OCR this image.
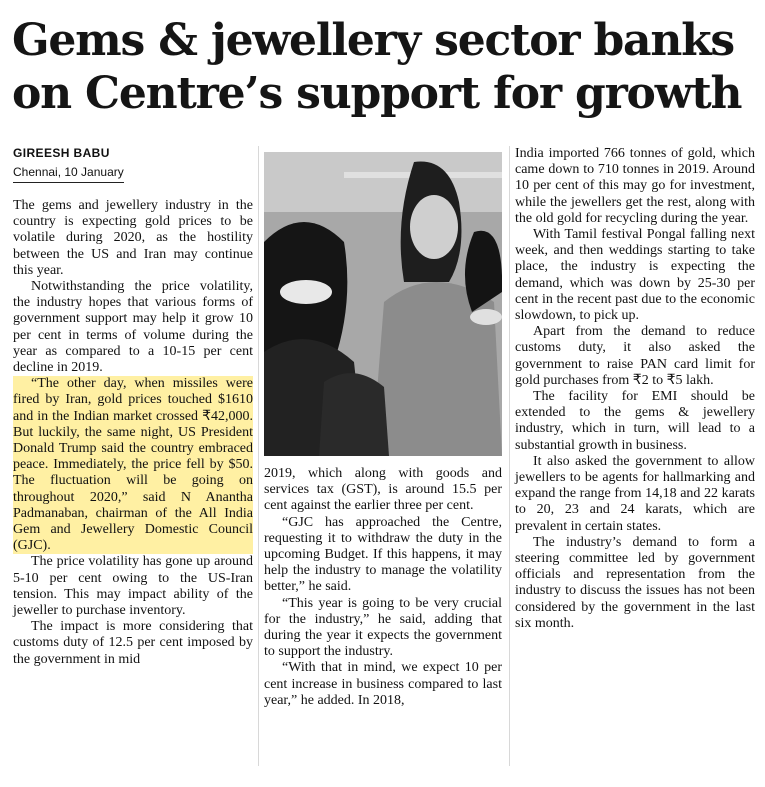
Gems & jewellery sector banks on Centre’s support for growth
GIREESH BABU
Chennai, 10 January

The gems and jewellery industry in the country is expecting gold prices to be volatile during 2020, as the hostility between the US and Iran may continue this year.

Notwithstanding the price volatility, the industry hopes that various forms of government support may help it grow 10 per cent in terms of volume during the year as compared to a 10-15 per cent decline in 2019.

“The other day, when missiles were fired by Iran, gold prices touched $1610 and in the Indian market crossed ₹42,000. But luckily, the same night, US President Donald Trump said the country embraced peace. Immediately, the price fell by $50. The fluctuation will be going on throughout 2020,” said N Anantha Padmanaban, chairman of the All India Gem and Jewellery Domestic Council (GJC).

The price volatility has gone up around 5-10 per cent owing to the US-Iran tension. This may impact ability of the jeweller to purchase inventory.

The impact is more considering that customs duty of 12.5 per cent imposed by the government in mid

2019, which along with goods and services tax (GST), is around 15.5 per cent against the earlier three per cent.

“GJC has approached the Centre, requesting it to withdraw the duty in the upcoming Budget. If this happens, it may help the industry to manage the volatility better,” he said.

“This year is going to be very crucial for the industry,” he said, adding that during the year it expects the government to support the industry.

“With that in mind, we expect 10 per cent increase in business compared to last year,” he added. In 2018,

India imported 766 tonnes of gold, which came down to 710 tonnes in 2019. Around 10 per cent of this may go for investment, while the jewellers get the rest, along with the old gold for recycling during the year.

With Tamil festival Pongal falling next week, and then weddings starting to take place, the industry is expecting the demand, which was down by 25-30 per cent in the recent past due to the economic slowdown, to pick up.

Apart from the demand to reduce customs duty, it also asked the government to raise PAN card limit for gold purchases from ₹2 to ₹5 lakh.

The facility for EMI should be extended to the gems & jewellery industry, which in turn, will lead to a substantial growth in business.

It also asked the government to allow jewellers to be agents for hallmarking and expand the range from 14,18 and 22 karats to 20, 23 and 24 karats, which are prevalent in certain states.

The industry’s demand to form a steering committee led by government officials and representation from the industry to discuss the issues has not been considered by the government in the last six month.
